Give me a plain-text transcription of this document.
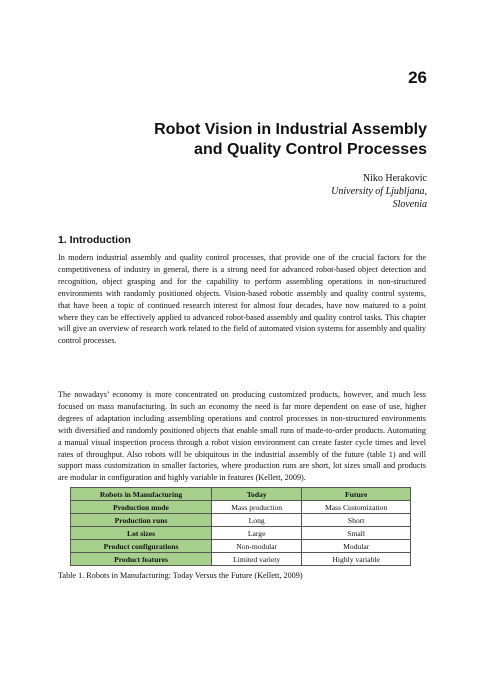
26
Robot Vision in Industrial Assembly
and Quality Control Processes
Niko Herakovic
University of Ljubljana,
Slovenia
1. Introduction

In modern industrial assembly and quality control processes, that provide one of the crucial factors for the competitiveness of industry in general, there is a strong need for advanced robot-based object detection and recognition, object grasping and for the capability to perform assembling operations in non-structured environments with randomly positioned objects. Vision-based robotic assembly and quality control systems, that have been a topic of continued research interest for almost four decades, have now matured to a point where they can be effectively applied to advanced robot-based assembly and quality control tasks. This chapter will give an overview of research work related to the field of automated vision systems for assembly and quality control processes.

The nowadays’ economy is more concentrated on producing customized products, however, and much less focused on mass manufacturing. In such an economy the need is far more dependent on ease of use, higher degrees of adaptation including assembling operations and control processes in non-structured environments with diversified and randomly positioned objects that enable small runs of made-to-order products. Automating a manual visual inspection process through a robot vision environment can create faster cycle times and level rates of throughput. Also robots will be ubiquitous in the industrial assembly of the future (table 1) and will support mass customization in smaller factories, where production runs are short, lot sizes small and products are modular in configuration and highly variable in features (Kellett, 2009).

Robots in Manufacturing	Today	Future
Production mode	Mass production	Mass Customization
Production runs	Long	Short
Lot sizes	Large	Small
Product configurations	Non-modular	Modular
Product features	Limited variety	Highly variable
Table 1. Robots in Manufacturing: Today Versus the Future (Kellett, 2009)
